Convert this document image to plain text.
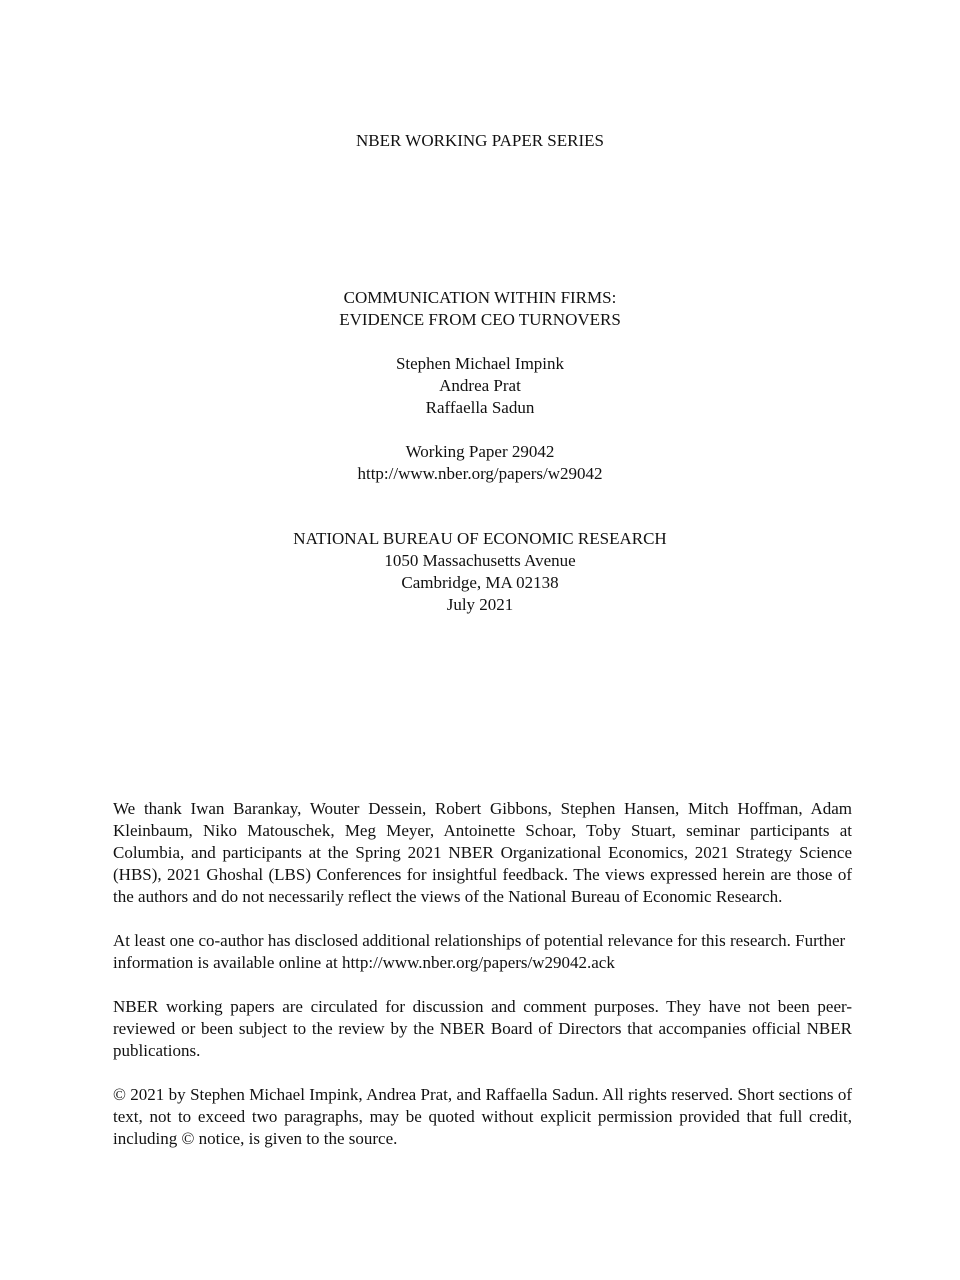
NBER WORKING PAPER SERIES
COMMUNICATION WITHIN FIRMS:
EVIDENCE FROM CEO TURNOVERS
Stephen Michael Impink
Andrea Prat
Raffaella Sadun
Working Paper 29042
http://www.nber.org/papers/w29042
NATIONAL BUREAU OF ECONOMIC RESEARCH
1050 Massachusetts Avenue
Cambridge, MA 02138
July 2021

We thank Iwan Barankay, Wouter Dessein, Robert Gibbons, Stephen Hansen, Mitch Hoffman, Adam Kleinbaum, Niko Matouschek, Meg Meyer, Antoinette Schoar, Toby Stuart, seminar participants at Columbia, and participants at the Spring 2021 NBER Organizational Economics, 2021 Strategy Science (HBS), 2021 Ghoshal (LBS) Conferences for insightful feedback. The views expressed herein are those of the authors and do not necessarily reflect the views of the National Bureau of Economic Research.

At least one co-author has disclosed additional relationships of potential relevance for this research. Further information is available online at http://www.nber.org/papers/w29042.ack

NBER working papers are circulated for discussion and comment purposes. They have not been peer-reviewed or been subject to the review by the NBER Board of Directors that accompanies official NBER publications.

© 2021 by Stephen Michael Impink, Andrea Prat, and Raffaella Sadun. All rights reserved. Short sections of text, not to exceed two paragraphs, may be quoted without explicit permission provided that full credit, including © notice, is given to the source.
